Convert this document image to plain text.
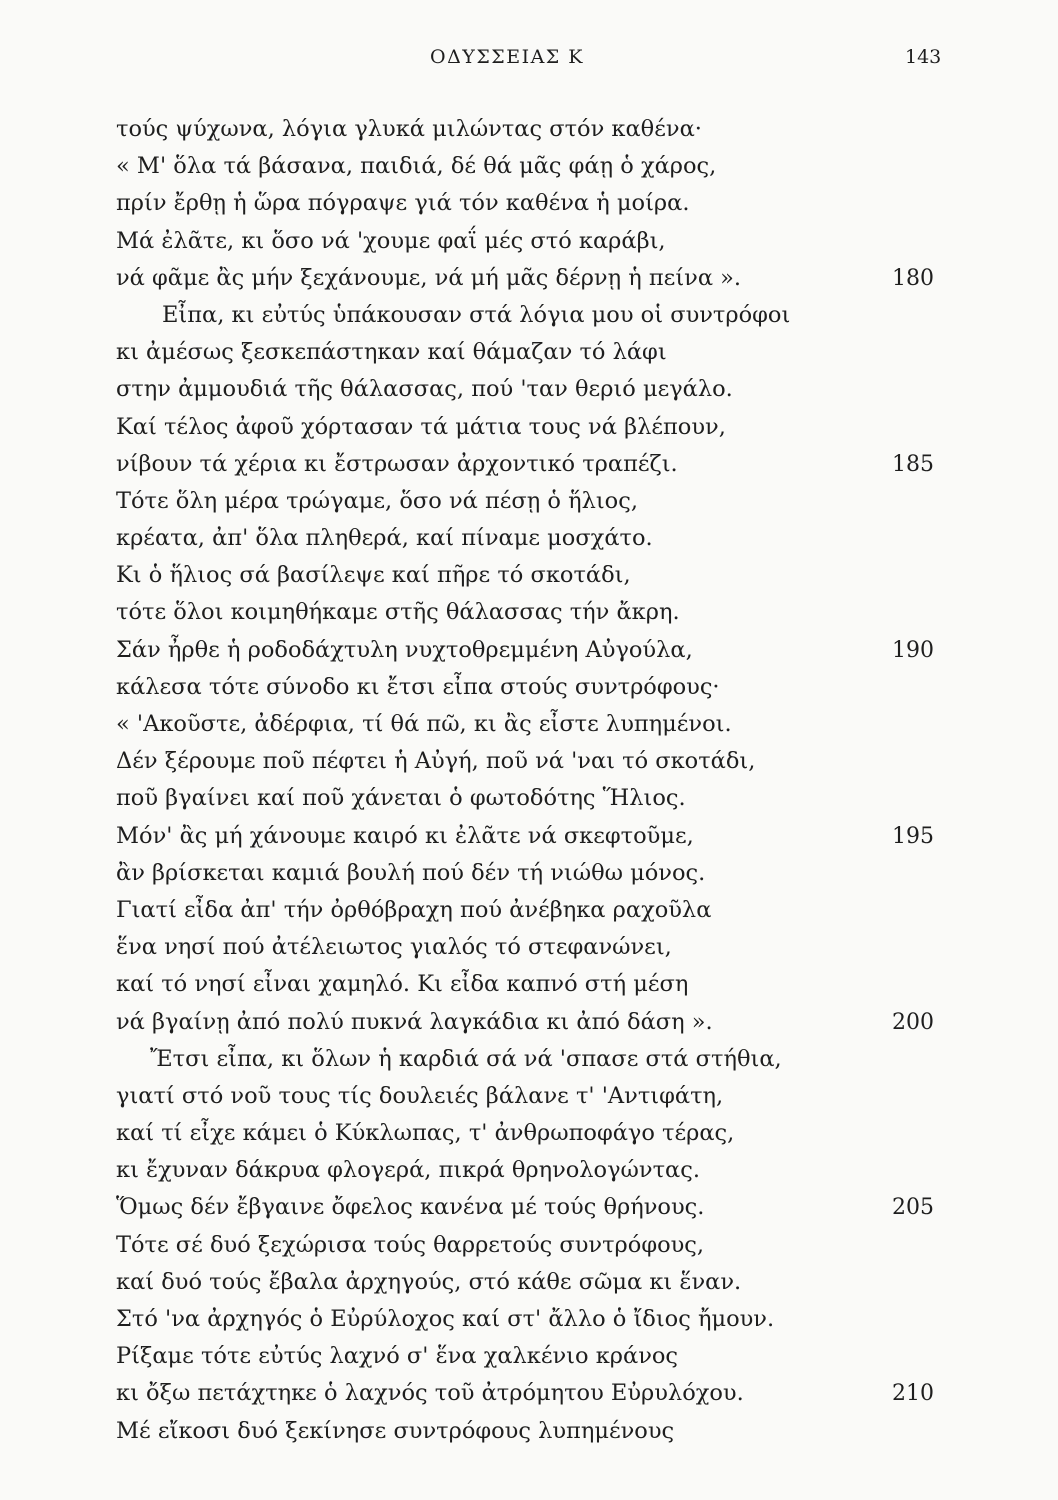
ΟΔΥΣΣΕΙΑΣ Κ	143
τούς ψύχωνα, λόγια γλυκά μιλώντας στόν καθένα·
« Μ' ὅλα τά βάσανα, παιδιά, δέ θά μᾶς φάῃ ὁ χάρος,
πρίν ἔρθῃ ἡ ὥρα πόγραψε γιά τόν καθένα ἡ μοίρα.
Μά ἐλᾶτε, κι ὅσο νά 'χουμε φαΐ μές στό καράβι,
νά φᾶμε ἂς μήν ξεχάνουμε, νά μή μᾶς δέρνῃ ἡ πείνα ».	180
Εἶπα, κι εὐτύς ὑπάκουσαν στά λόγια μου οἱ συντρόφοι
κι ἀμέσως ξεσκεπάστηκαν καί θάμαζαν τό λάφι
στην ἀμμουδιά τῆς θάλασσας, πού 'ταν θεριό μεγάλο.
Καί τέλος ἀφοῦ χόρτασαν τά μάτια τους νά βλέπουν,
νίβουν τά χέρια κι ἔστρωσαν ἀρχοντικό τραπέζι.	185
Τότε ὅλη μέρα τρώγαμε, ὅσο νά πέσῃ ὁ ἥλιος,
κρέατα, ἀπ' ὅλα πληθερά, καί πίναμε μοσχάτο.
Κι ὁ ἥλιος σά βασίλεψε καί πῆρε τό σκοτάδι,
τότε ὅλοι κοιμηθήκαμε στῆς θάλασσας τήν ἄκρη.
Σάν ἦρθε ἡ ροδοδάχτυλη νυχτοθρεμμένη Αὐγούλα,	190
κάλεσα τότε σύνοδο κι ἔτσι εἶπα στούς συντρόφους·
« 'Ακοῦστε, ἀδέρφια, τί θά πῶ, κι ἂς εἶστε λυπημένοι.
Δέν ξέρουμε ποῦ πέφτει ἡ Αὐγή, ποῦ νά 'ναι τό σκοτάδι,
ποῦ βγαίνει καί ποῦ χάνεται ὁ φωτοδότης Ἥλιος.
Μόν' ἂς μή χάνουμε καιρό κι ἐλᾶτε νά σκεφτοῦμε,	195
ἂν βρίσκεται καμιά βουλή πού δέν τή νιώθω μόνος.
Γιατί εἶδα ἀπ' τήν ὀρθόβραχη πού ἀνέβηκα ραχοῦλα
ἕνα νησί πού ἀτέλειωτος γιαλός τό στεφανώνει,
καί τό νησί εἶναι χαμηλό. Κι εἶδα καπνό στή μέση
νά βγαίνῃ ἀπό πολύ πυκνά λαγκάδια κι ἀπό δάση ».	200
Ἔτσι εἶπα, κι ὅλων ἡ καρδιά σά νά 'σπασε στά στήθια,
γιατί στό νοῦ τους τίς δουλειές βάλανε τ' 'Αντιφάτη,
καί τί εἶχε κάμει ὁ Κύκλωπας, τ' ἀνθρωποφάγο τέρας,
κι ἔχυναν δάκρυα φλογερά, πικρά θρηνολογώντας.
Ὅμως δέν ἔβγαινε ὄφελος κανένα μέ τούς θρήνους.	205
Τότε σέ δυό ξεχώρισα τούς θαρρετούς συντρόφους,
καί δυό τούς ἔβαλα ἀρχηγούς, στό κάθε σῶμα κι ἕναν.
Στό 'να ἀρχηγός ὁ Εὐρύλοχος καί στ' ἄλλο ὁ ἴδιος ἤμουν.
Ρίξαμε τότε εὐτύς λαχνό σ' ἕνα χαλκένιο κράνος
κι ὄξω πετάχτηκε ὁ λαχνός τοῦ ἀτρόμητου Εὐρυλόχου.	210
Μέ εἴκοσι δυό ξεκίνησε συντρόφους λυπημένους
